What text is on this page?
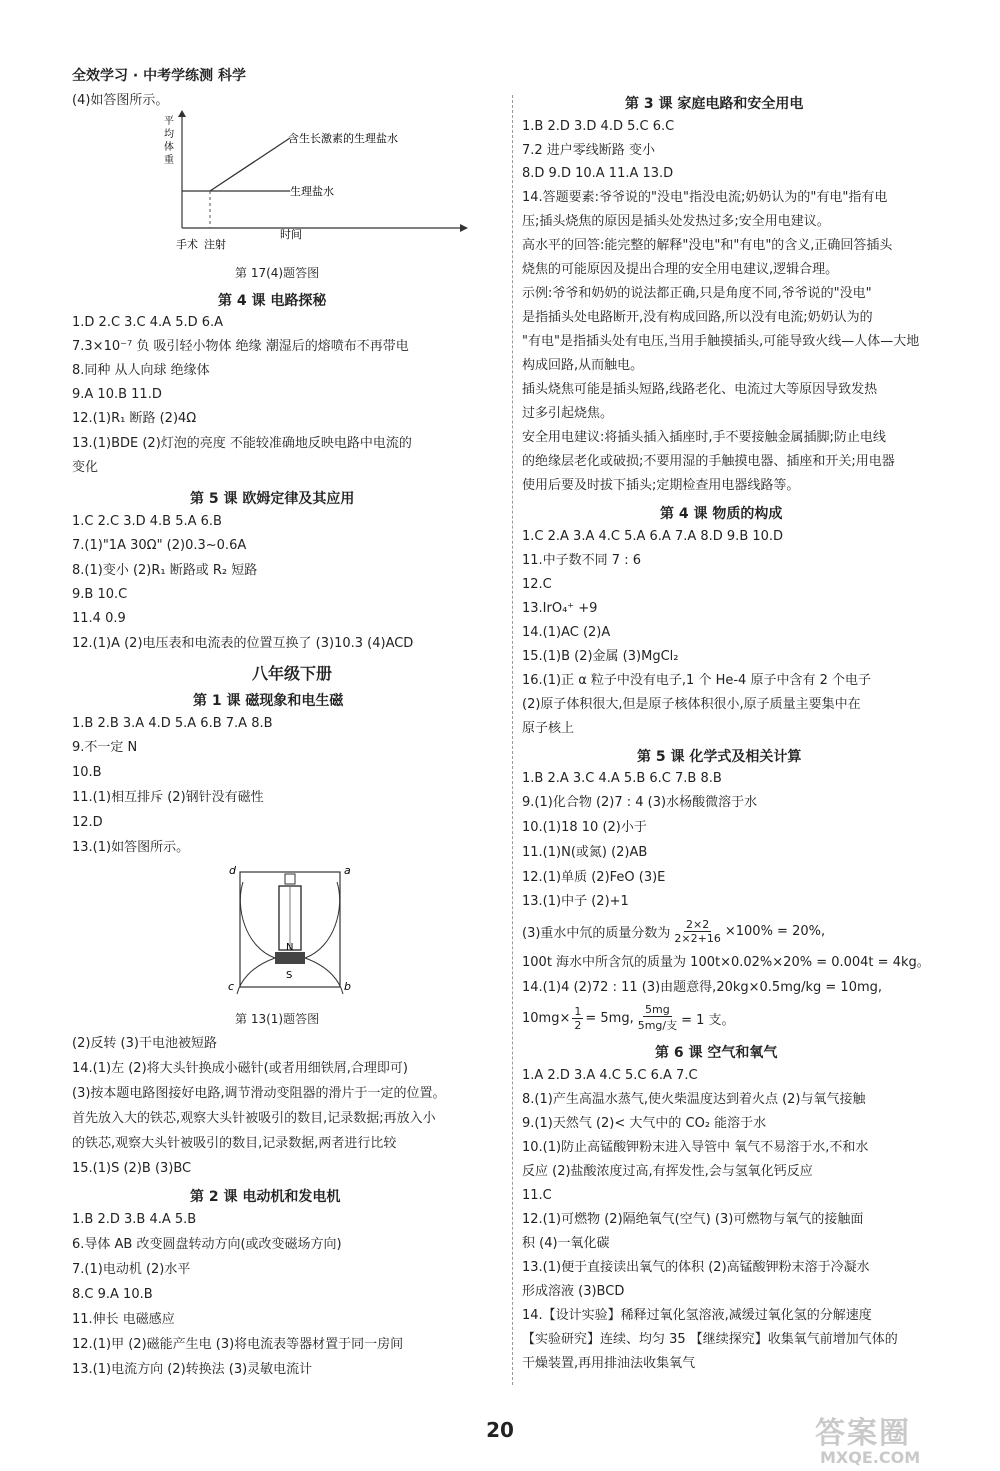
全效学习 · 中考学练测 科学
(4)如答图所示。
平
均
体
重
含生长激素的生理盐水
生理盐水
手术 注射
时间
第 17(4)题答图
第 4 课 电路探秘
1.D 2.C 3.C 4.A 5.D 6.A
7.3×10⁻⁷ 负 吸引轻小物体 绝缘 潮湿后的熔喷布不再带电
8.同种 从人向球 绝缘体
9.A 10.B 11.D
12.(1)R₁ 断路 (2)4Ω
13.(1)BDE (2)灯泡的亮度 不能较准确地反映电路中电流的
变化
第 5 课 欧姆定律及其应用
1.C 2.C 3.D 4.B 5.A 6.B
7.(1)"1A 30Ω" (2)0.3~0.6A
8.(1)变小 (2)R₁ 断路或 R₂ 短路
9.B 10.C
11.4 0.9
12.(1)A (2)电压表和电流表的位置互换了 (3)10.3 (4)ACD
八年级下册
第 1 课 磁现象和电生磁
1.B 2.B 3.A 4.D 5.A 6.B 7.A 8.B
9.不一定 N
10.B
11.(1)相互排斥 (2)钢针没有磁性
12.D
13.(1)如答图所示。
d	a
c	b
N
S
第 13(1)题答图
(2)反转 (3)干电池被短路
14.(1)左 (2)将大头针换成小磁针(或者用细铁屑,合理即可)
(3)按本题电路图接好电路,调节滑动变阻器的滑片于一定的位置。
首先放入大的铁芯,观察大头针被吸引的数目,记录数据;再放入小
的铁芯,观察大头针被吸引的数目,记录数据,两者进行比较
15.(1)S (2)B (3)BC
第 2 课 电动机和发电机
1.B 2.D 3.B 4.A 5.B
6.导体 AB 改变圆盘转动方向(或改变磁场方向)
7.(1)电动机 (2)水平
8.C 9.A 10.B
11.伸长 电磁感应
12.(1)甲 (2)磁能产生电 (3)将电流表等器材置于同一房间
13.(1)电流方向 (2)转换法 (3)灵敏电流计
第 3 课 家庭电路和安全用电
1.B 2.D 3.D 4.D 5.C 6.C
7.2 进户零线断路 变小
8.D 9.D 10.A 11.A 13.D
14.答题要素:爷爷说的"没电"指没电流;奶奶认为的"有电"指有电
压;插头烧焦的原因是插头处发热过多;安全用电建议。
高水平的回答:能完整的解释"没电"和"有电"的含义,正确回答插头
烧焦的可能原因及提出合理的安全用电建议,逻辑合理。
示例:爷爷和奶奶的说法都正确,只是角度不同,爷爷说的"没电"
是指插头处电路断开,没有构成回路,所以没有电流;奶奶认为的
"有电"是指插头处有电压,当用手触摸插头,可能导致火线—人体—大地
构成回路,从而触电。
插头烧焦可能是插头短路,线路老化、电流过大等原因导致发热
过多引起烧焦。
安全用电建议:将插头插入插座时,手不要接触金属插脚;防止电线
的绝缘层老化或破损;不要用湿的手触摸电器、插座和开关;用电器
使用后要及时拔下插头;定期检查用电器线路等。
第 4 课 物质的构成
1.C 2.A 3.A 4.C 5.A 6.A 7.A 8.D 9.B 10.D
11.中子数不同 7 : 6
12.C
13.IrO₄⁺ +9
14.(1)AC (2)A
15.(1)B (2)金属 (3)MgCl₂
16.(1)正 α 粒子中没有电子,1 个 He-4 原子中含有 2 个电子
(2)原子体积很大,但是原子核体积很小,原子质量主要集中在
原子核上
第 5 课 化学式及相关计算
1.B 2.A 3.C 4.A 5.B 6.C 7.B 8.B
9.(1)化合物 (2)7 : 4 (3)水杨酸微溶于水
10.(1)18 10 (2)小于
11.(1)N(或氮) (2)AB
12.(1)单质 (2)FeO (3)E
13.(1)中子 (2)+1
(3)重水中氘的质量分数为 $\frac{2\times 2}{2\times 2+16} \times 100\% = 20\%$,
100t 海水中所含氘的质量为 100t×0.02%×20% = 0.004t = 4kg。
14.(1)4 (2)72 : 11 (3)由题意得,20kg×0.5mg/kg = 10mg,
$10mg\times \frac{1}{2} = 5mg$,
5mg
5mg/支 = 1 支。
第 6 课 空气和氧气
1.A 2.D 3.A 4.C 5.C 6.A 7.C
8.(1)产生高温水蒸气,使火柴温度达到着火点 (2)与氧气接触
9.(1)天然气 (2)< 大气中的 CO₂ 能溶于水
10.(1)防止高锰酸钾粉末进入导管中 氧气不易溶于水,不和水
反应 (2)盐酸浓度过高,有挥发性,会与氢氧化钙反应
11.C
12.(1)可燃物 (2)隔绝氧气(空气) (3)可燃物与氧气的接触面
积 (4)一氧化碳
13.(1)便于直接读出氧气的体积 (2)高锰酸钾粉末溶于冷凝水
形成溶液 (3)BCD
14.【设计实验】稀释过氧化氢溶液,减缓过氧化氢的分解速度
【实验研究】连续、均匀 35 【继续探究】收集氧气前增加气体的
干燥装置,再用排油法收集氧气
20	答案圈
MXQE.COM
